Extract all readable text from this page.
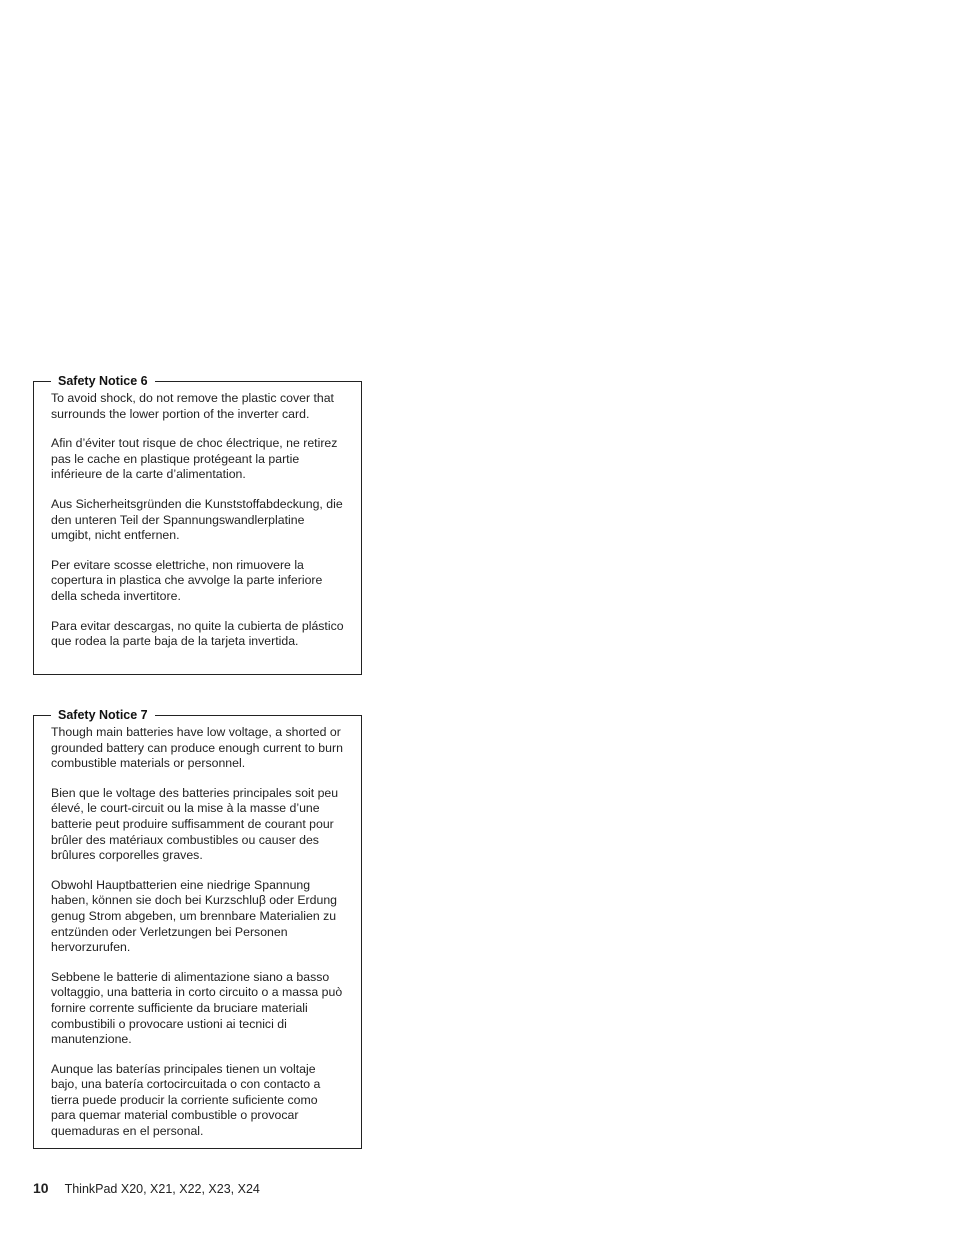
Safety Notice 6

To avoid shock, do not remove the plastic cover that surrounds the lower portion of the inverter card.

Afin d’éviter tout risque de choc électrique, ne retirez pas le cache en plastique protégeant la partie inférieure de la carte d’alimentation.

Aus Sicherheitsgründen die Kunststoffabdeckung, die den unteren Teil der Spannungswandlerplatine umgibt, nicht entfernen.

Per evitare scosse elettriche, non rimuovere la copertura in plastica che avvolge la parte inferiore della scheda invertitore.

Para evitar descargas, no quite la cubierta de plástico que rodea la parte baja de la tarjeta invertida.

Safety Notice 7

Though main batteries have low voltage, a shorted or grounded battery can produce enough current to burn combustible materials or personnel.

Bien que le voltage des batteries principales soit peu élevé, le court-circuit ou la mise à la masse d’une batterie peut produire suffisamment de courant pour brûler des matériaux combustibles ou causer des brûlures corporelles graves.

Obwohl Hauptbatterien eine niedrige Spannung haben, können sie doch bei Kurzschluβ oder Erdung genug Strom abgeben, um brennbare Materialien zu entzünden oder Verletzungen bei Personen hervorzurufen.

Sebbene le batterie di alimentazione siano a basso voltaggio, una batteria in corto circuito o a massa può fornire corrente sufficiente da bruciare materiali combustibili o provocare ustioni ai tecnici di manutenzione.

Aunque las baterías principales tienen un voltaje bajo, una batería cortocircuitada o con contacto a tierra puede producir la corriente suficiente como para quemar material combustible o provocar quemaduras en el personal.

10 ThinkPad X20, X21, X22, X23, X24
